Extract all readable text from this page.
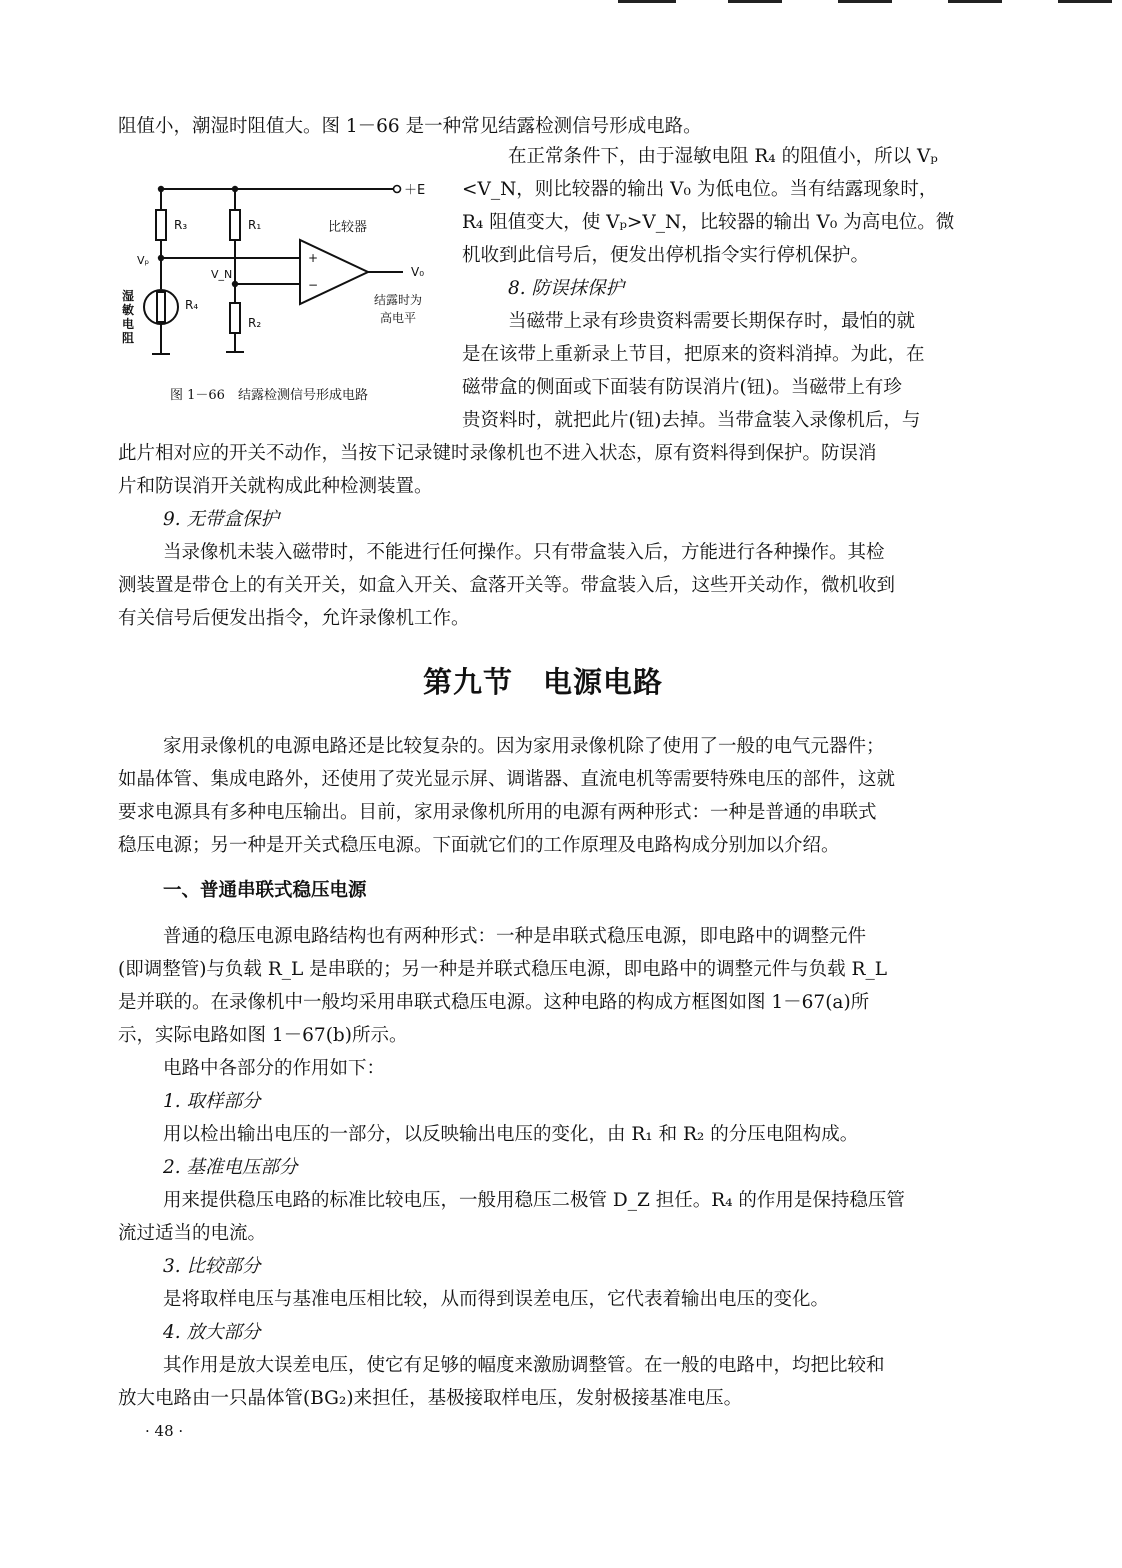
阻值小，潮湿时阻值大。图 1－66 是一种常见结露检测信号形成电路。

＋E
R₃	R₁	比较器
Vₚ
V_N
+
−
V₀
R₄
R₂
湿
敏
电
阻
结露时为
高电平
图 1－66　结露检测信号形成电路

在正常条件下，由于湿敏电阻 R₄ 的阻值小，所以 Vₚ

<V_N，则比较器的输出 V₀ 为低电位。当有结露现象时，

R₄ 阻值变大，使 Vₚ>V_N，比较器的输出 V₀ 为高电位。微

机收到此信号后，便发出停机指令实行停机保护。

8. 防误抹保护

当磁带上录有珍贵资料需要长期保存时，最怕的就

是在该带上重新录上节目，把原来的资料消掉。为此，在

磁带盒的侧面或下面装有防误消片(钮)。当磁带上有珍

贵资料时，就把此片(钮)去掉。当带盒装入录像机后，与

此片相对应的开关不动作，当按下记录键时录像机也不进入状态，原有资料得到保护。防误消

片和防误消开关就构成此种检测装置。

9. 无带盒保护

当录像机未装入磁带时，不能进行任何操作。只有带盒装入后，方能进行各种操作。其检

测装置是带仓上的有关开关，如盒入开关、盒落开关等。带盒装入后，这些开关动作，微机收到

有关信号后便发出指令，允许录像机工作。

第九节　电源电路

家用录像机的电源电路还是比较复杂的。因为家用录像机除了使用了一般的电气元器件；

如晶体管、集成电路外，还使用了荧光显示屏、调谐器、直流电机等需要特殊电压的部件，这就

要求电源具有多种电压输出。目前，家用录像机所用的电源有两种形式：一种是普通的串联式

稳压电源；另一种是开关式稳压电源。下面就它们的工作原理及电路构成分别加以介绍。

一、普通串联式稳压电源

普通的稳压电源电路结构也有两种形式：一种是串联式稳压电源，即电路中的调整元件

(即调整管)与负载 R_L 是串联的；另一种是并联式稳压电源，即电路中的调整元件与负载 R_L

是并联的。在录像机中一般均采用串联式稳压电源。这种电路的构成方框图如图 1－67(a)所

示，实际电路如图 1－67(b)所示。

电路中各部分的作用如下：

1. 取样部分

用以检出输出电压的一部分，以反映输出电压的变化，由 R₁ 和 R₂ 的分压电阻构成。

2. 基准电压部分

用来提供稳压电路的标准比较电压，一般用稳压二极管 D_Z 担任。R₄ 的作用是保持稳压管

流过适当的电流。

3. 比较部分

是将取样电压与基准电压相比较，从而得到误差电压，它代表着输出电压的变化。

4. 放大部分

其作用是放大误差电压，使它有足够的幅度来激励调整管。在一般的电路中，均把比较和

放大电路由一只晶体管(BG₂)来担任，基极接取样电压，发射极接基准电压。

· 48 ·
